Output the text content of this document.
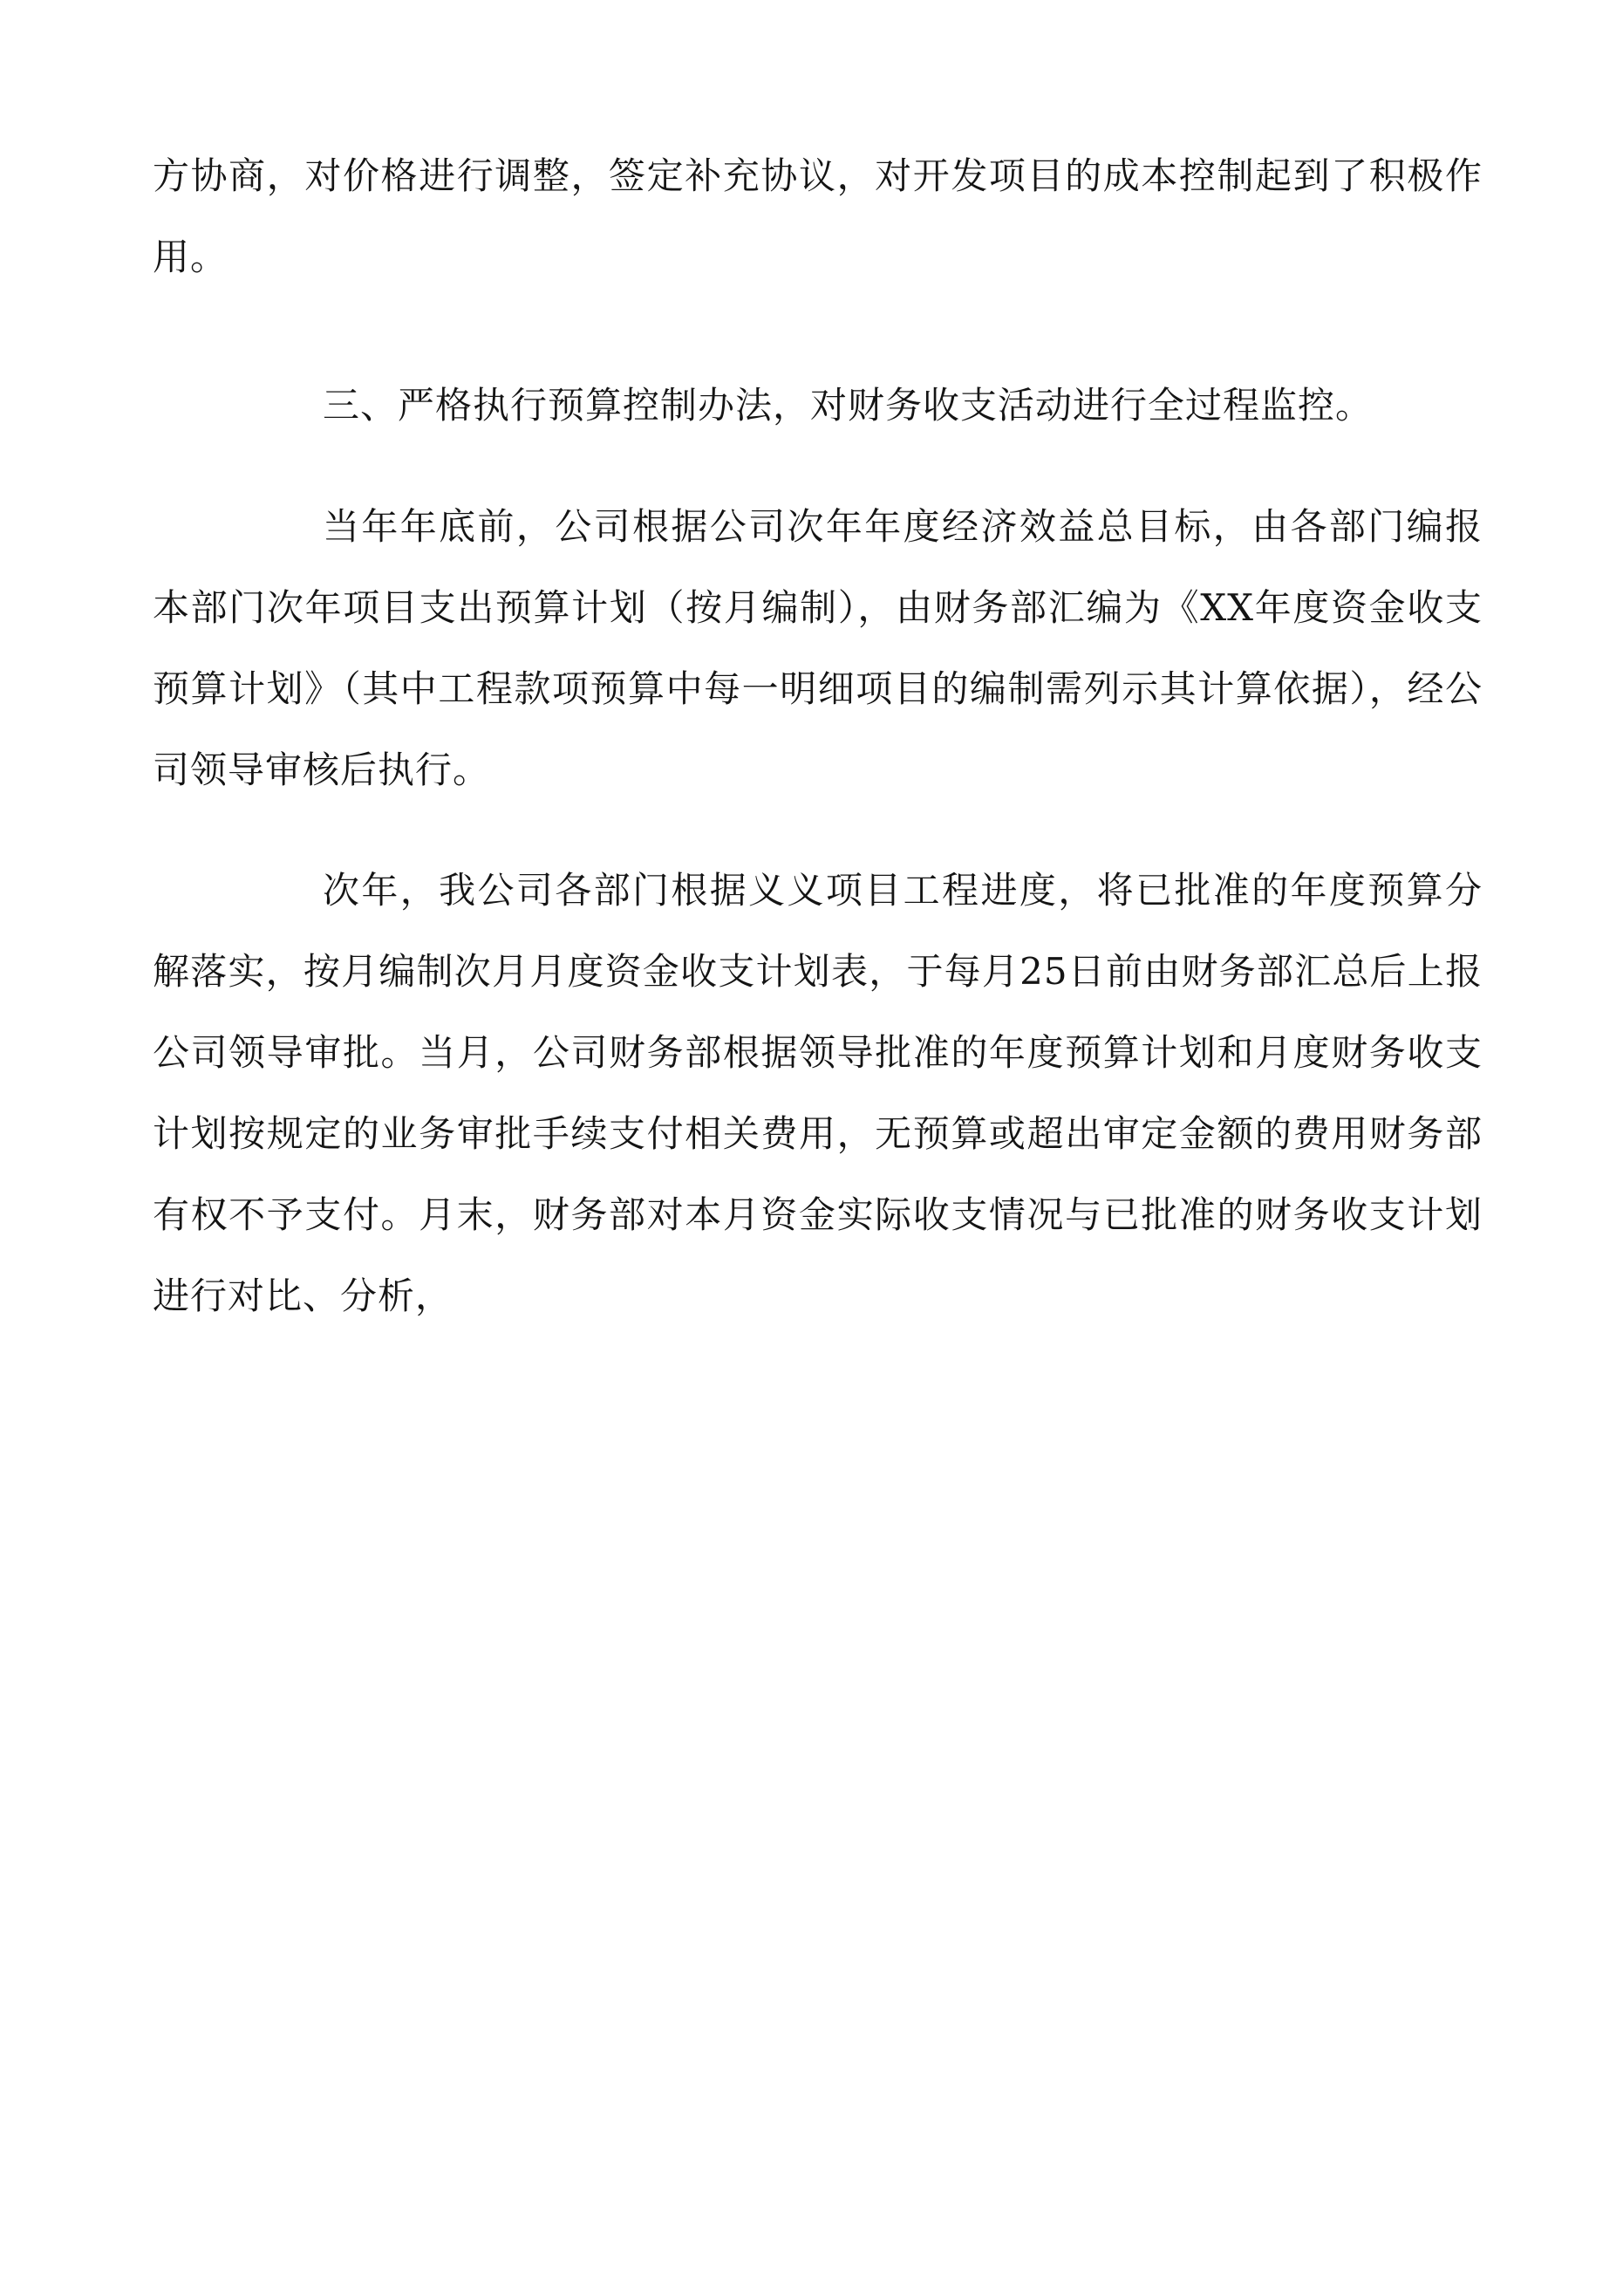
方协商，对价格进行调整，签定补充协议，对开发项目的成本控制起到了积极作用。

三、严格执行预算控制办法，对财务收支活动进行全过程监控。

当年年底前，公司根据公司次年年度经济效益总目标，由各部门编报本部门次年项目支出预算计划（按月编制），由财务部汇编为《XX年度资金收支预算计划》（其中工程款项预算中每一明细项目的编制需列示其计算依据），经公司领导审核后执行。

次年，我公司各部门根据义义项目工程进度，将已批准的年度预算分解落实，按月编制次月月度资金收支计划表，于每月25日前由财务部汇总后上报公司领导审批。当月，公司财务部根据领导批准的年度预算计划和月度财务收支计划按规定的业务审批手续支付相关费用，无预算或超出审定金额的费用财务部有权不予支付。月末，财务部对本月资金实际收支情况与已批准的财务收支计划进行对比、分析，
